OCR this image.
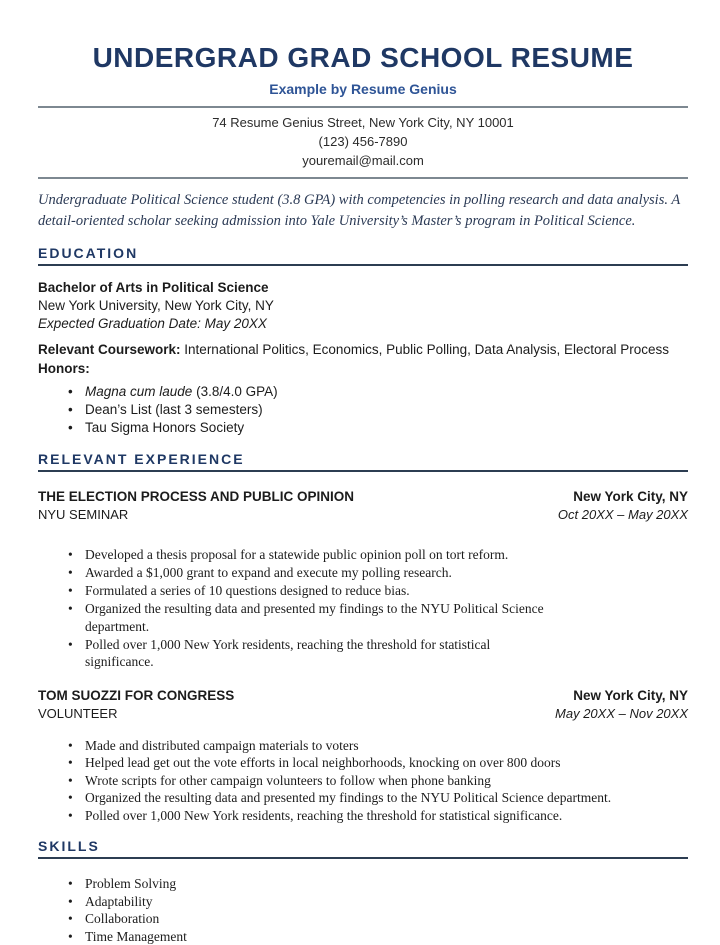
UNDERGRAD GRAD SCHOOL RESUME
Example by Resume Genius
74 Resume Genius Street, New York City, NY 10001
(123) 456-7890
youremail@mail.com

Undergraduate Political Science student (3.8 GPA) with competencies in polling research and data analysis. A detail-oriented scholar seeking admission into Yale University’s Master’s program in Political Science.

EDUCATION
Bachelor of Arts in Political Science
New York University, New York City, NY
Expected Graduation Date: May 20XX
Relevant Coursework: International Politics, Economics, Public Polling, Data Analysis, Electoral Process
Honors:
• Magna cum laude (3.8/4.0 GPA)
• Dean’s List (last 3 semesters)
• Tau Sigma Honors Society
RELEVANT EXPERIENCE
THE ELECTION PROCESS AND PUBLIC OPINION	New York City, NY
NYU SEMINAR	Oct 20XX – May 20XX
• Developed a thesis proposal for a statewide public opinion poll on tort reform.
• Awarded a $1,000 grant to expand and execute my polling research.
• Formulated a series of 10 questions designed to reduce bias.
• Organized the resulting data and presented my findings to the NYU Political Science department.
• Polled over 1,000 New York residents, reaching the threshold for statistical significance.
TOM SUOZZI FOR CONGRESS	New York City, NY
VOLUNTEER	May 20XX – Nov 20XX
• Made and distributed campaign materials to voters
• Helped lead get out the vote efforts in local neighborhoods, knocking on over 800 doors
• Wrote scripts for other campaign volunteers to follow when phone banking
• Organized the resulting data and presented my findings to the NYU Political Science department.
• Polled over 1,000 New York residents, reaching the threshold for statistical significance.
SKILLS
• Problem Solving
• Adaptability
• Collaboration
• Time Management
